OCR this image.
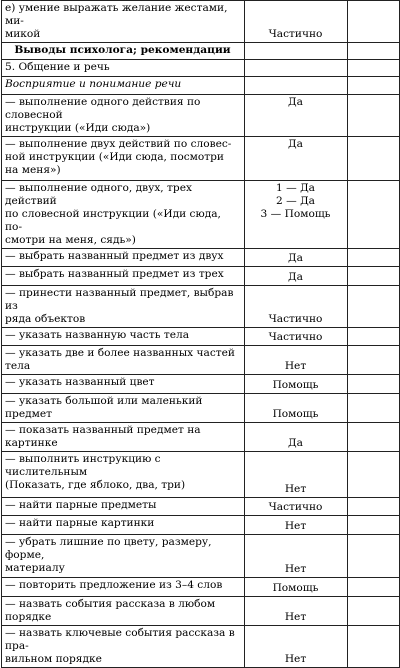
е) умение выражать желание жестами, ми-
микой	Частично	
Выводы психолога; рекомендации		
5. Общение и речь		
Восприятие и понимание речи		
— выполнение одного действия по словесной
инструкции («Иди сюда»)	Да	
— выполнение двух действий по словес-
ной инструкции («Иди сюда, посмотри
на меня»)	Да	
— выполнение одного, двух, трех действий
по словесной инструкции («Иди сюда, по-
смотри на меня, сядь»)	1 — Да
2 — Да
3 — Помощь	
— выбрать названный предмет из двух	Да	
— выбрать названный предмет из трех	Да	
— принести названный предмет, выбрав из
ряда объектов	Частично	
— указать названную часть тела	Частично	
— указать две и более названных частей тела	Нет	
— указать названный цвет	Помощь	
— указать большой или маленький предмет	Помощь	
— показать названный предмет на картинке	Да	
— выполнить инструкцию с числительным
(Показать, где яблоко, два, три)	Нет	
— найти парные предметы	Частично	
— найти парные картинки	Нет	
— убрать лишние по цвету, размеру, форме,
материалу	Нет	
— повторить предложение из 3–4 слов	Помощь	
— назвать события рассказа в любом порядке	Нет	
— назвать ключевые события рассказа в пра-
вильном порядке	Нет	
